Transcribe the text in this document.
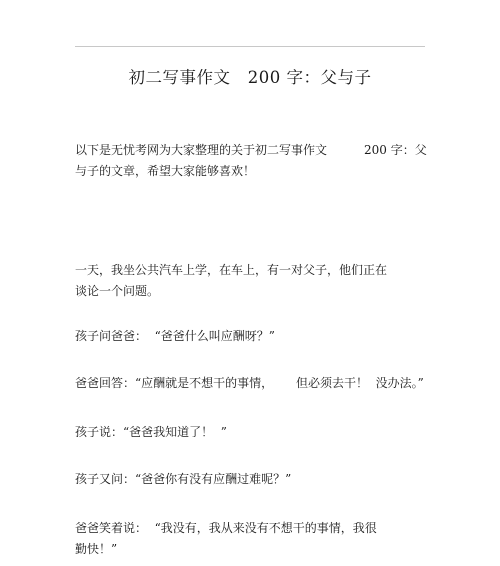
初二写事作文   200 字：父与子
以下是无忧考网为大家整理的关于初二写事作文	200 字：父
与子的文章，希望大家能够喜欢！
一天，我坐公共汽车上学，在车上，有一对父子，他们正在
谈论一个问题。
孩子问爸爸：  “爸爸什么叫应酬呀？”
爸爸回答：“应酬就是不想干的事情，      但必须去干！  没办法。”
孩子说：“爸爸我知道了！  ”
孩子又问：“爸爸你有没有应酬过难呢？”
爸爸笑着说：  “我没有，我从来没有不想干的事情，我很
勤快！”
